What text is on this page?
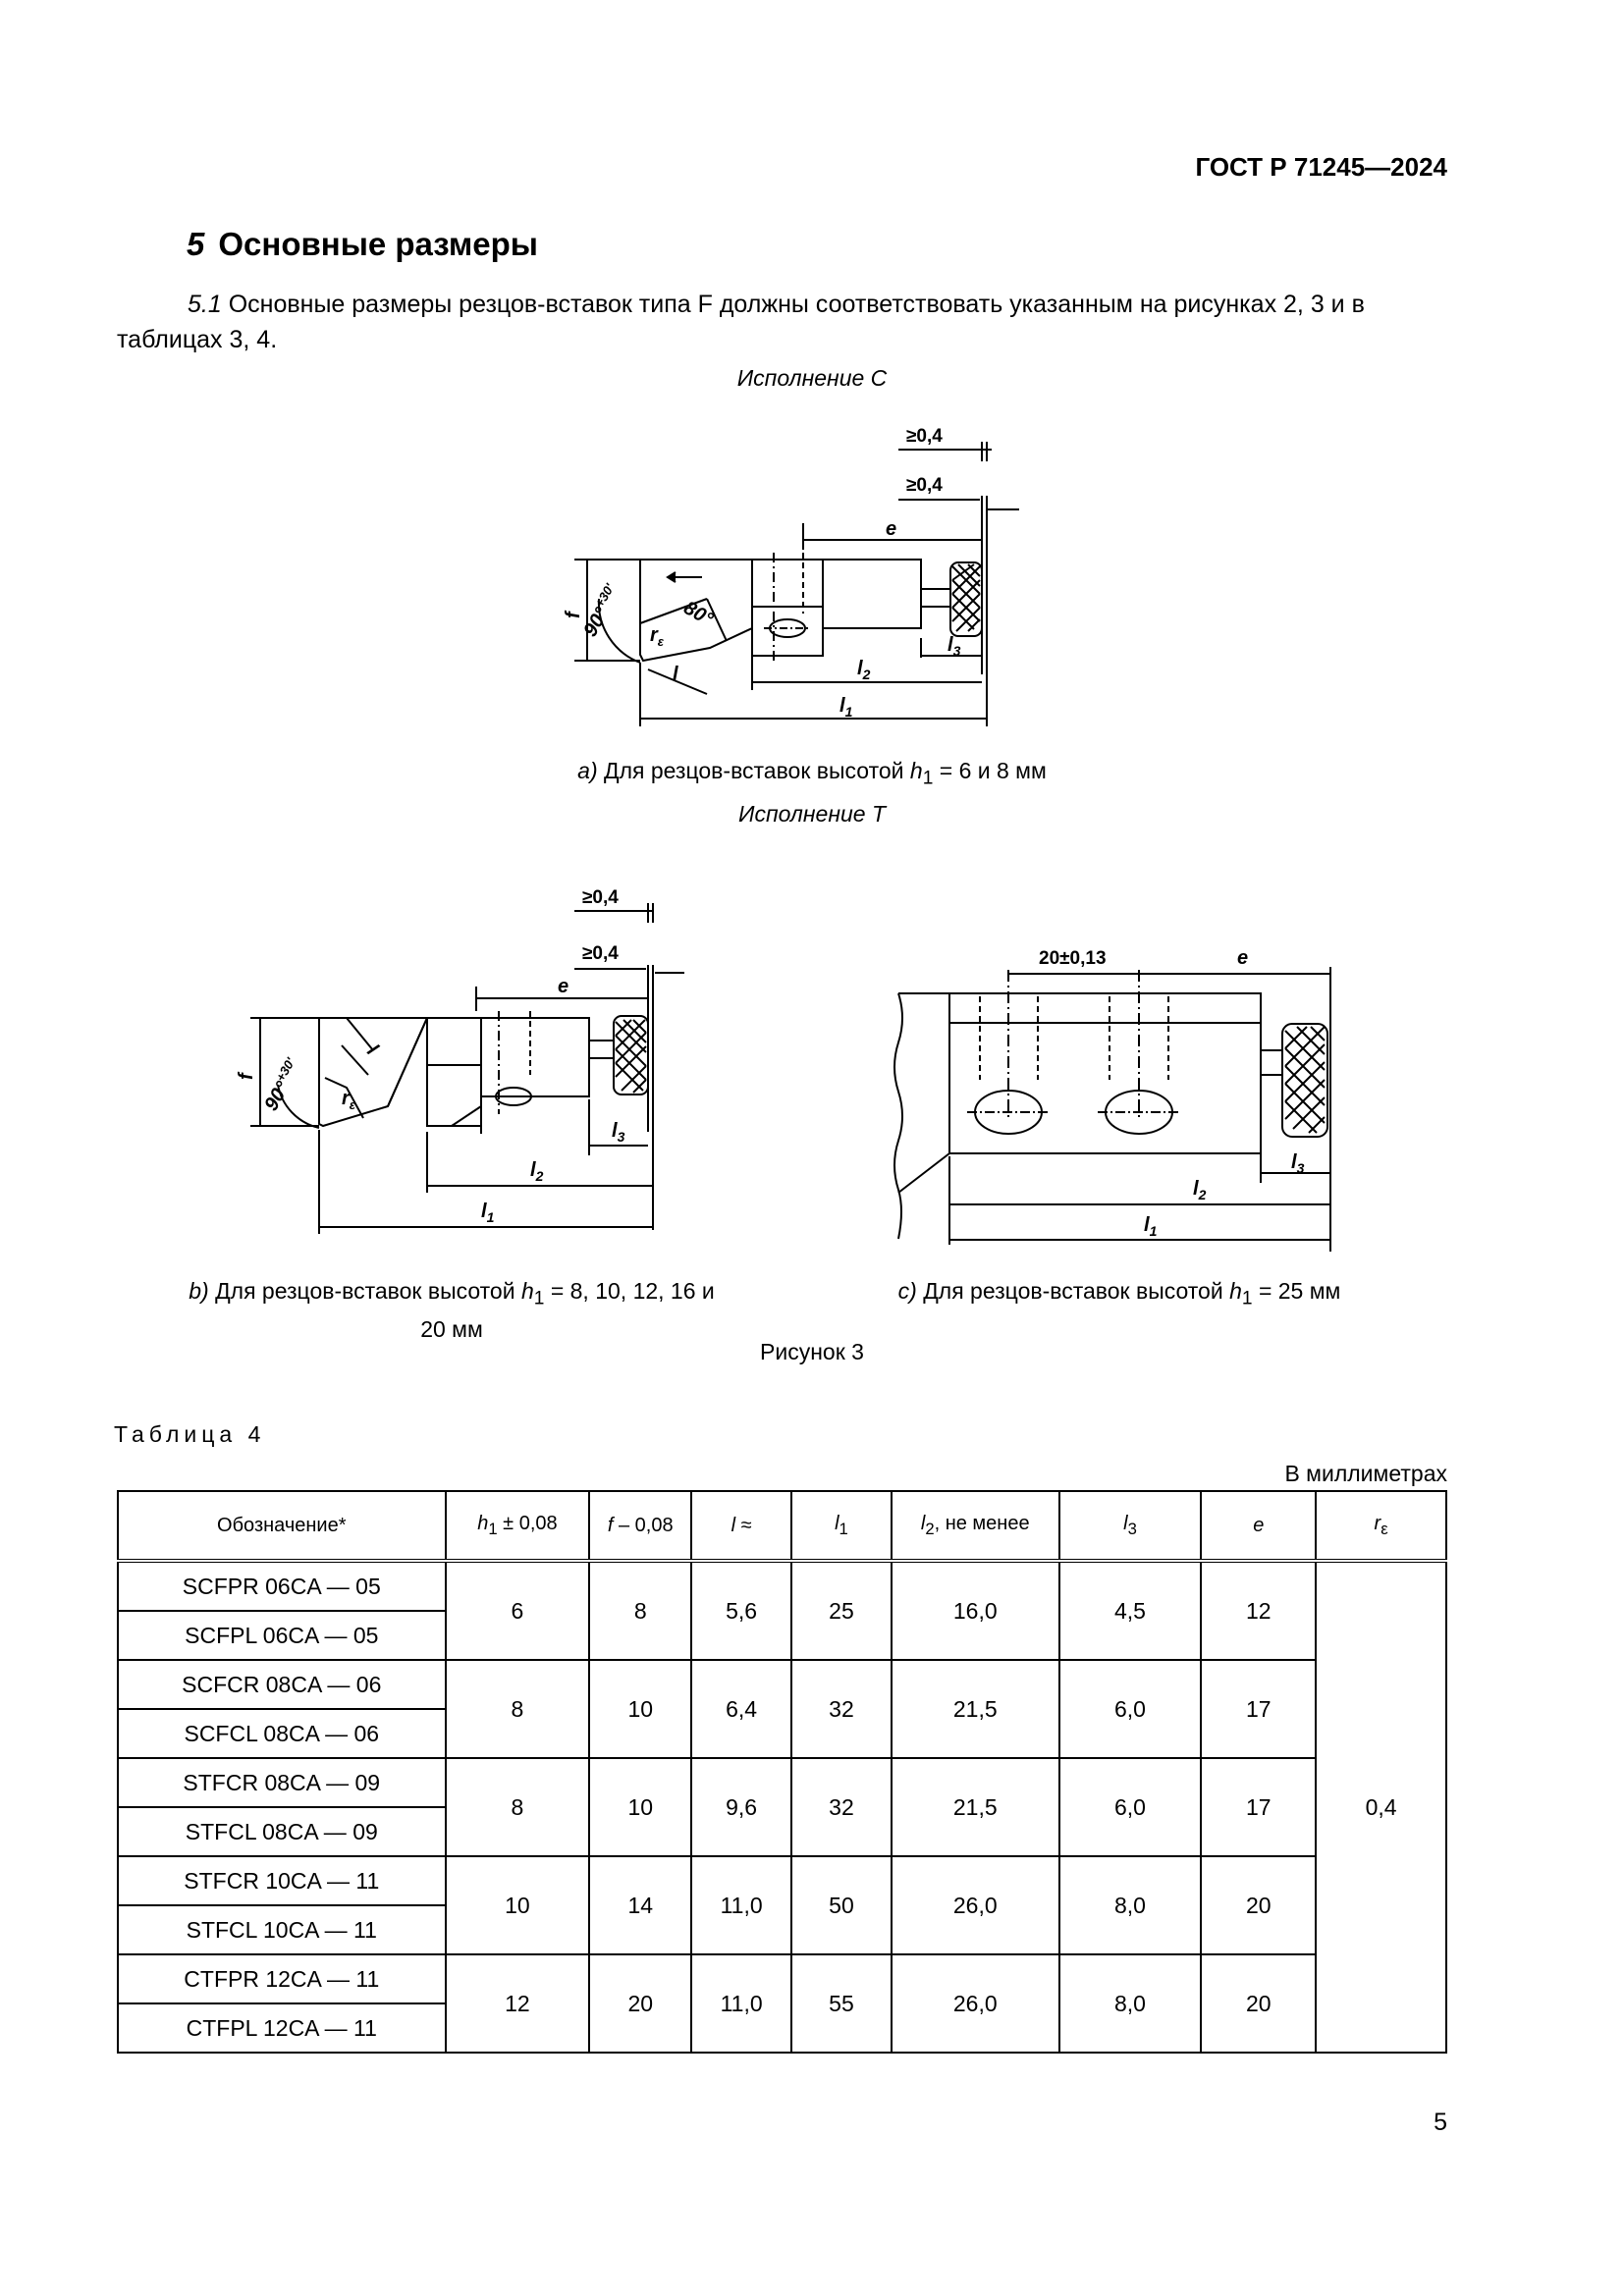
ГОСТ Р 71245—2024
5 Основные размеры
5.1 Основные размеры резцов-вставок типа F должны соответствовать указанным на рисунках 2, 3 и в таблицах 3, 4.
Исполнение С
≥0,4
≥0,4
e
f
90°$^{+30'}$
80°
$r_\varepsilon$
l	$l_2$
$l_3$
$l_1$
a) Для резцов-вставок высотой $h_1 = 6$ и 8 мм
Исполнение Т
≥0,4
≥0,4
e
f
90°$^{+30'}$
$r_\varepsilon$
l
$l_3$
$l_2$
$l_1$
20±0,13	e
$l_3$
$l_2$
$l_1$
b) Для резцов-вставок высотой $h_1 = 8$, 10, 12, 16 и
20 мм
c) Для резцов-вставок высотой $h_1 = 25$ мм
Рисунок 3
Таблица 4
В миллиметрах
Обозначение*	$h_1 \pm 0,08$	f – 0,08	l ≈	$l_1$	$l_2$, не менее	$l_3$	e	$r_\varepsilon$
SCFPR 06CA — 05	6	8	5,6	25	16,0	4,5	12	0,4
SCFPL 06CA — 05								
SCFCR 08CA — 06	8	10	6,4	32	21,5	6,0	17	
SCFCL 08CA — 06								
STFCR 08CA — 09	8	10	9,6	32	21,5	6,0	17	
STFCL 08CA — 09								
STFCR 10CA — 11	10	14	11,0	50	26,0	8,0	20	
STFCL 10CA — 11								
CTFPR 12CA — 11	12	20	11,0	55	26,0	8,0	20	
CTFPL 12CA — 11								
5
